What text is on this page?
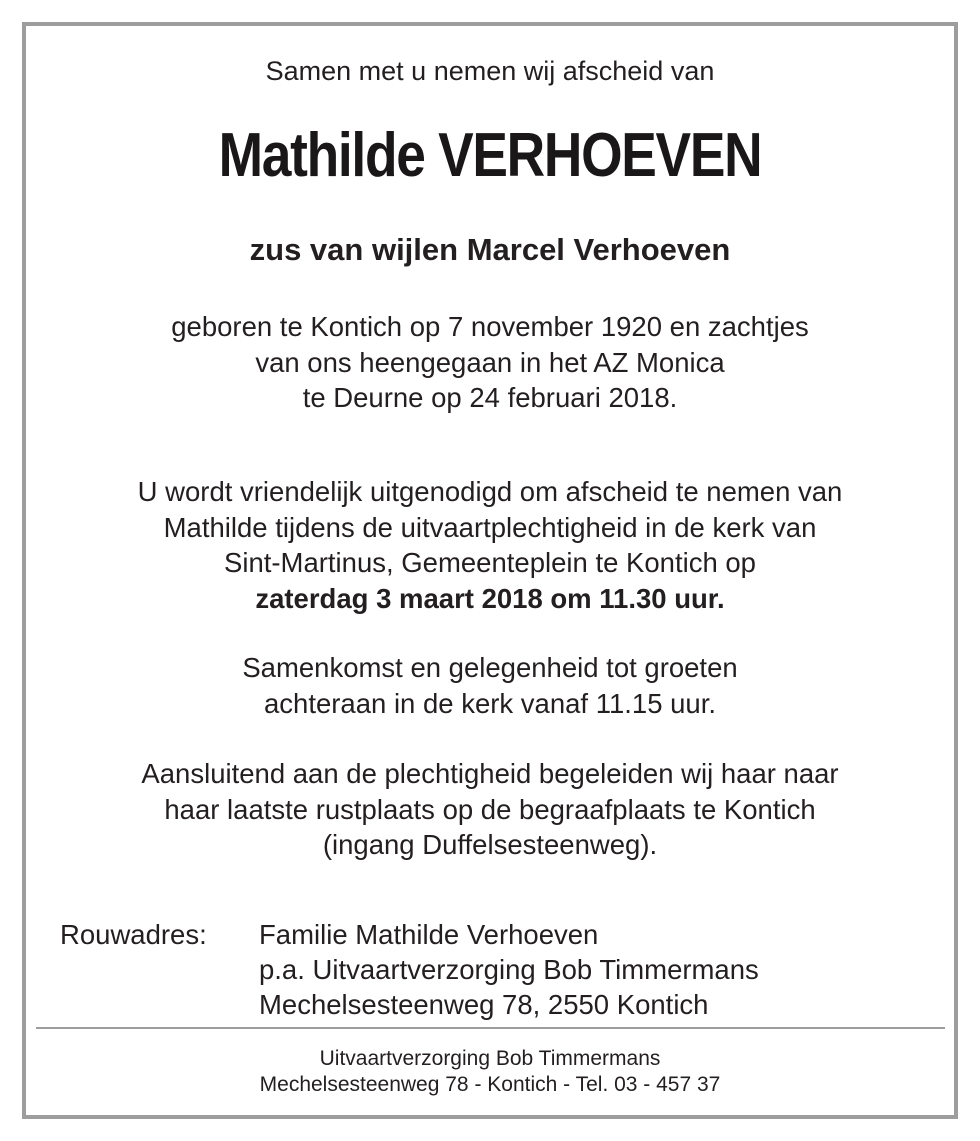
Samen met u nemen wij afscheid van
Mathilde VERHOEVEN
zus van wijlen Marcel Verhoeven
geboren te Kontich op 7 november 1920 en zachtjes
van ons heengegaan in het AZ Monica
te Deurne op 24 februari 2018.
U wordt vriendelijk uitgenodigd om afscheid te nemen van
Mathilde tijdens de uitvaartplechtigheid in de kerk van
Sint-Martinus, Gemeenteplein te Kontich op
zaterdag 3 maart 2018 om 11.30 uur.
Samenkomst en gelegenheid tot groeten
achteraan in de kerk vanaf 11.15 uur.
Aansluitend aan de plechtigheid begeleiden wij haar naar
haar laatste rustplaats op de begraafplaats te Kontich
(ingang Duffelsesteenweg).
Rouwadres: Familie Mathilde Verhoeven
p.a. Uitvaartverzorging Bob Timmermans
Mechelsesteenweg 78, 2550 Kontich
Uitvaartverzorging Bob Timmermans
Mechelsesteenweg 78 - Kontich - Tel. 03 - 457 37
